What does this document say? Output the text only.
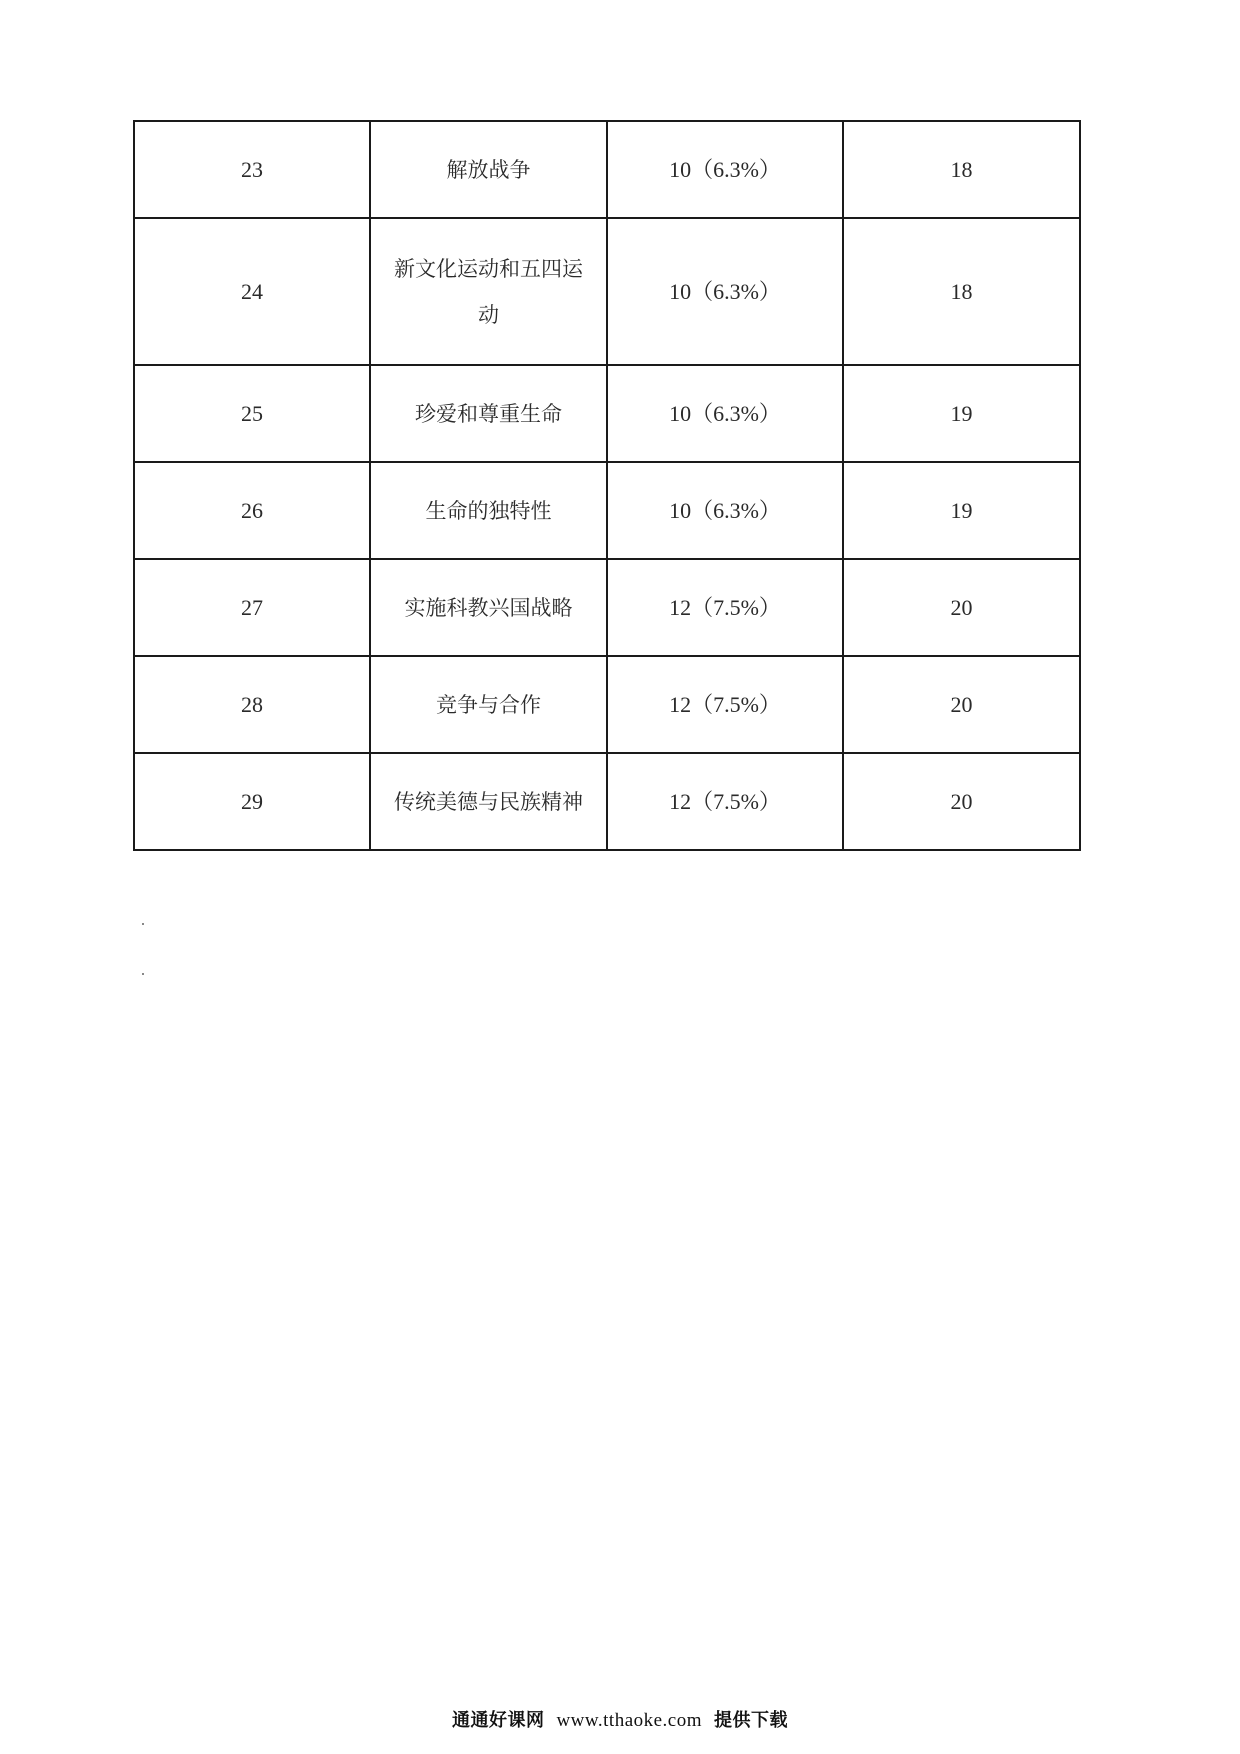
23	解放战争	10（6.3%）	18
24	新文化运动和五四运动	10（6.3%）	18
25	珍爱和尊重生命	10（6.3%）	19
26	生命的独特性	10（6.3%）	19
27	实施科教兴国战略	12（7.5%）	20
28	竞争与合作	12（7.5%）	20
29	传统美德与民族精神	12（7.5%）	20
通通好课网 www.tthaoke.com 提供下载
